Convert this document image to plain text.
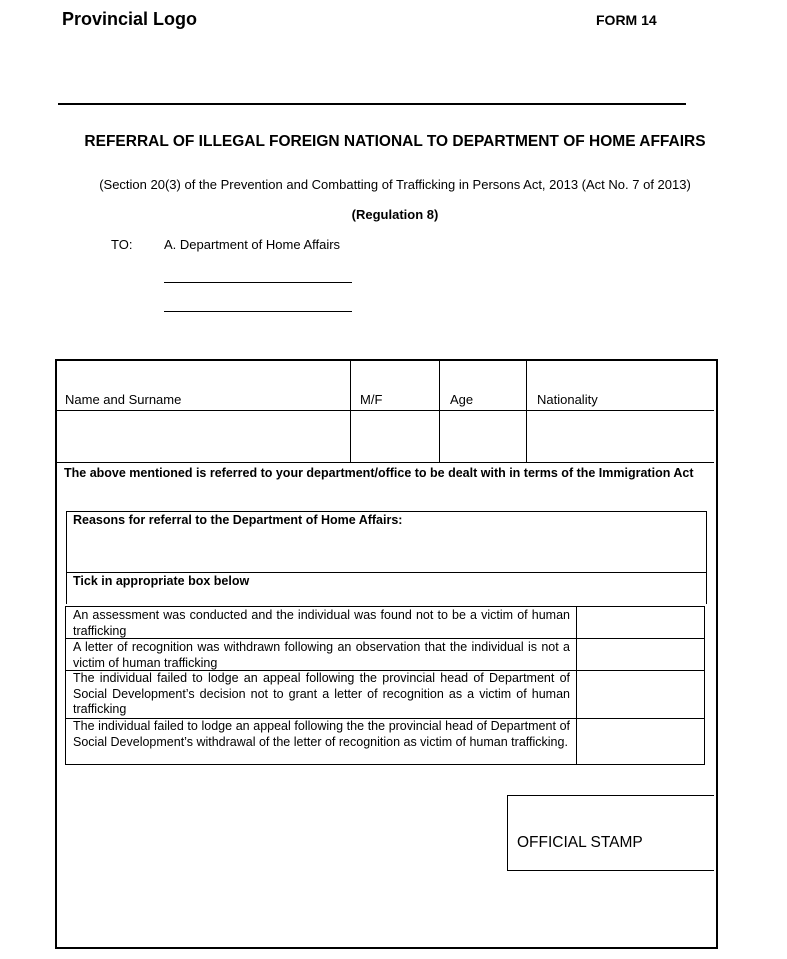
Provincial Logo	FORM 14
REFERRAL OF ILLEGAL FOREIGN NATIONAL TO DEPARTMENT OF HOME AFFAIRS
(Section 20(3) of the Prevention and Combatting of Trafficking in Persons Act, 2013 (Act No. 7 of 2013)
(Regulation 8)
TO: A. Department of Home Affairs
Name and Surname	M/F	Age	Nationality
The above mentioned is referred to your department/office to be dealt with in terms of the Immigration Act
Reasons for referral to the Department of Home Affairs:
Tick in appropriate box below
An assessment was conducted and the individual was found not to be a victim of human trafficking
A letter of recognition was withdrawn following an observation that the individual is not a victim of human trafficking
The individual failed to lodge an appeal following the provincial head of Department of Social Development’s decision not to grant a letter of recognition as a victim of human trafficking
The individual failed to lodge an appeal following the the provincial head of Department of Social Development’s withdrawal of the letter of recognition as victim of human trafficking.
OFFICIAL STAMP
